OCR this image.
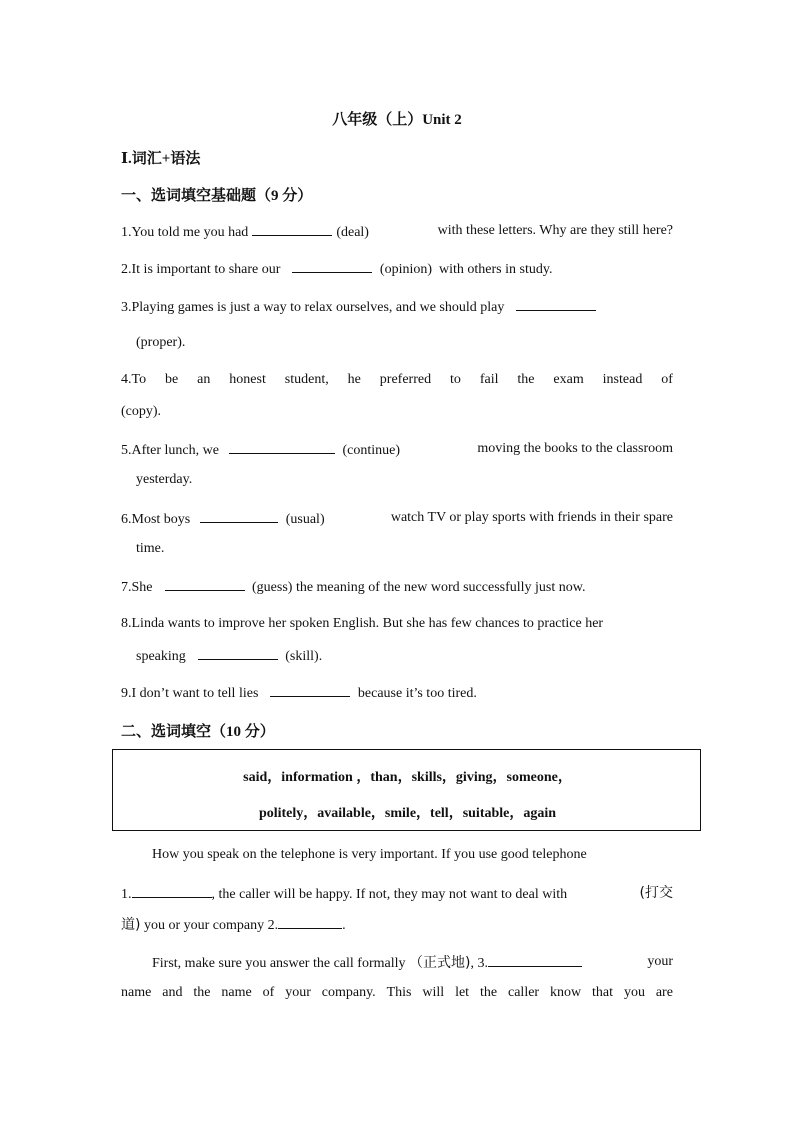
八年级（上）Unit 2
Ⅰ.词汇+语法
一、选词填空基础题（9 分）
1.You told me you had	(deal)	with these letters. Why are they still here?
2.It is important to share our	(opinion) with others in study.
3.Playing games is just a way to relax ourselves, and we should play
(proper).
4.To be an honest student, he preferred to fail the exam instead of
(copy).
5.After lunch, we	(continue)	moving the books to the classroom
yesterday.
6.Most boys	(usual)	watch TV or play sports with friends in their spare
time.
7.She	(guess) the meaning of the new word successfully just now.
8.Linda wants to improve her spoken English. But she has few chances to practice her
speaking	(skill).
9.I don’t want to tell lies	because it’s too tired.
二、选词填空（10 分）
said，information ，than，skills，giving，someone，
politely，available，smile，tell，suitable，again
How you speak on the telephone is very important. If you use good telephone
1.	, the caller will be happy. If not, they may not want to deal with	(打交
道) you or your company 2.	.
First, make sure you answer the call formally （正式地), 3.	your
name and the name of your company. This will let the caller know that you are
